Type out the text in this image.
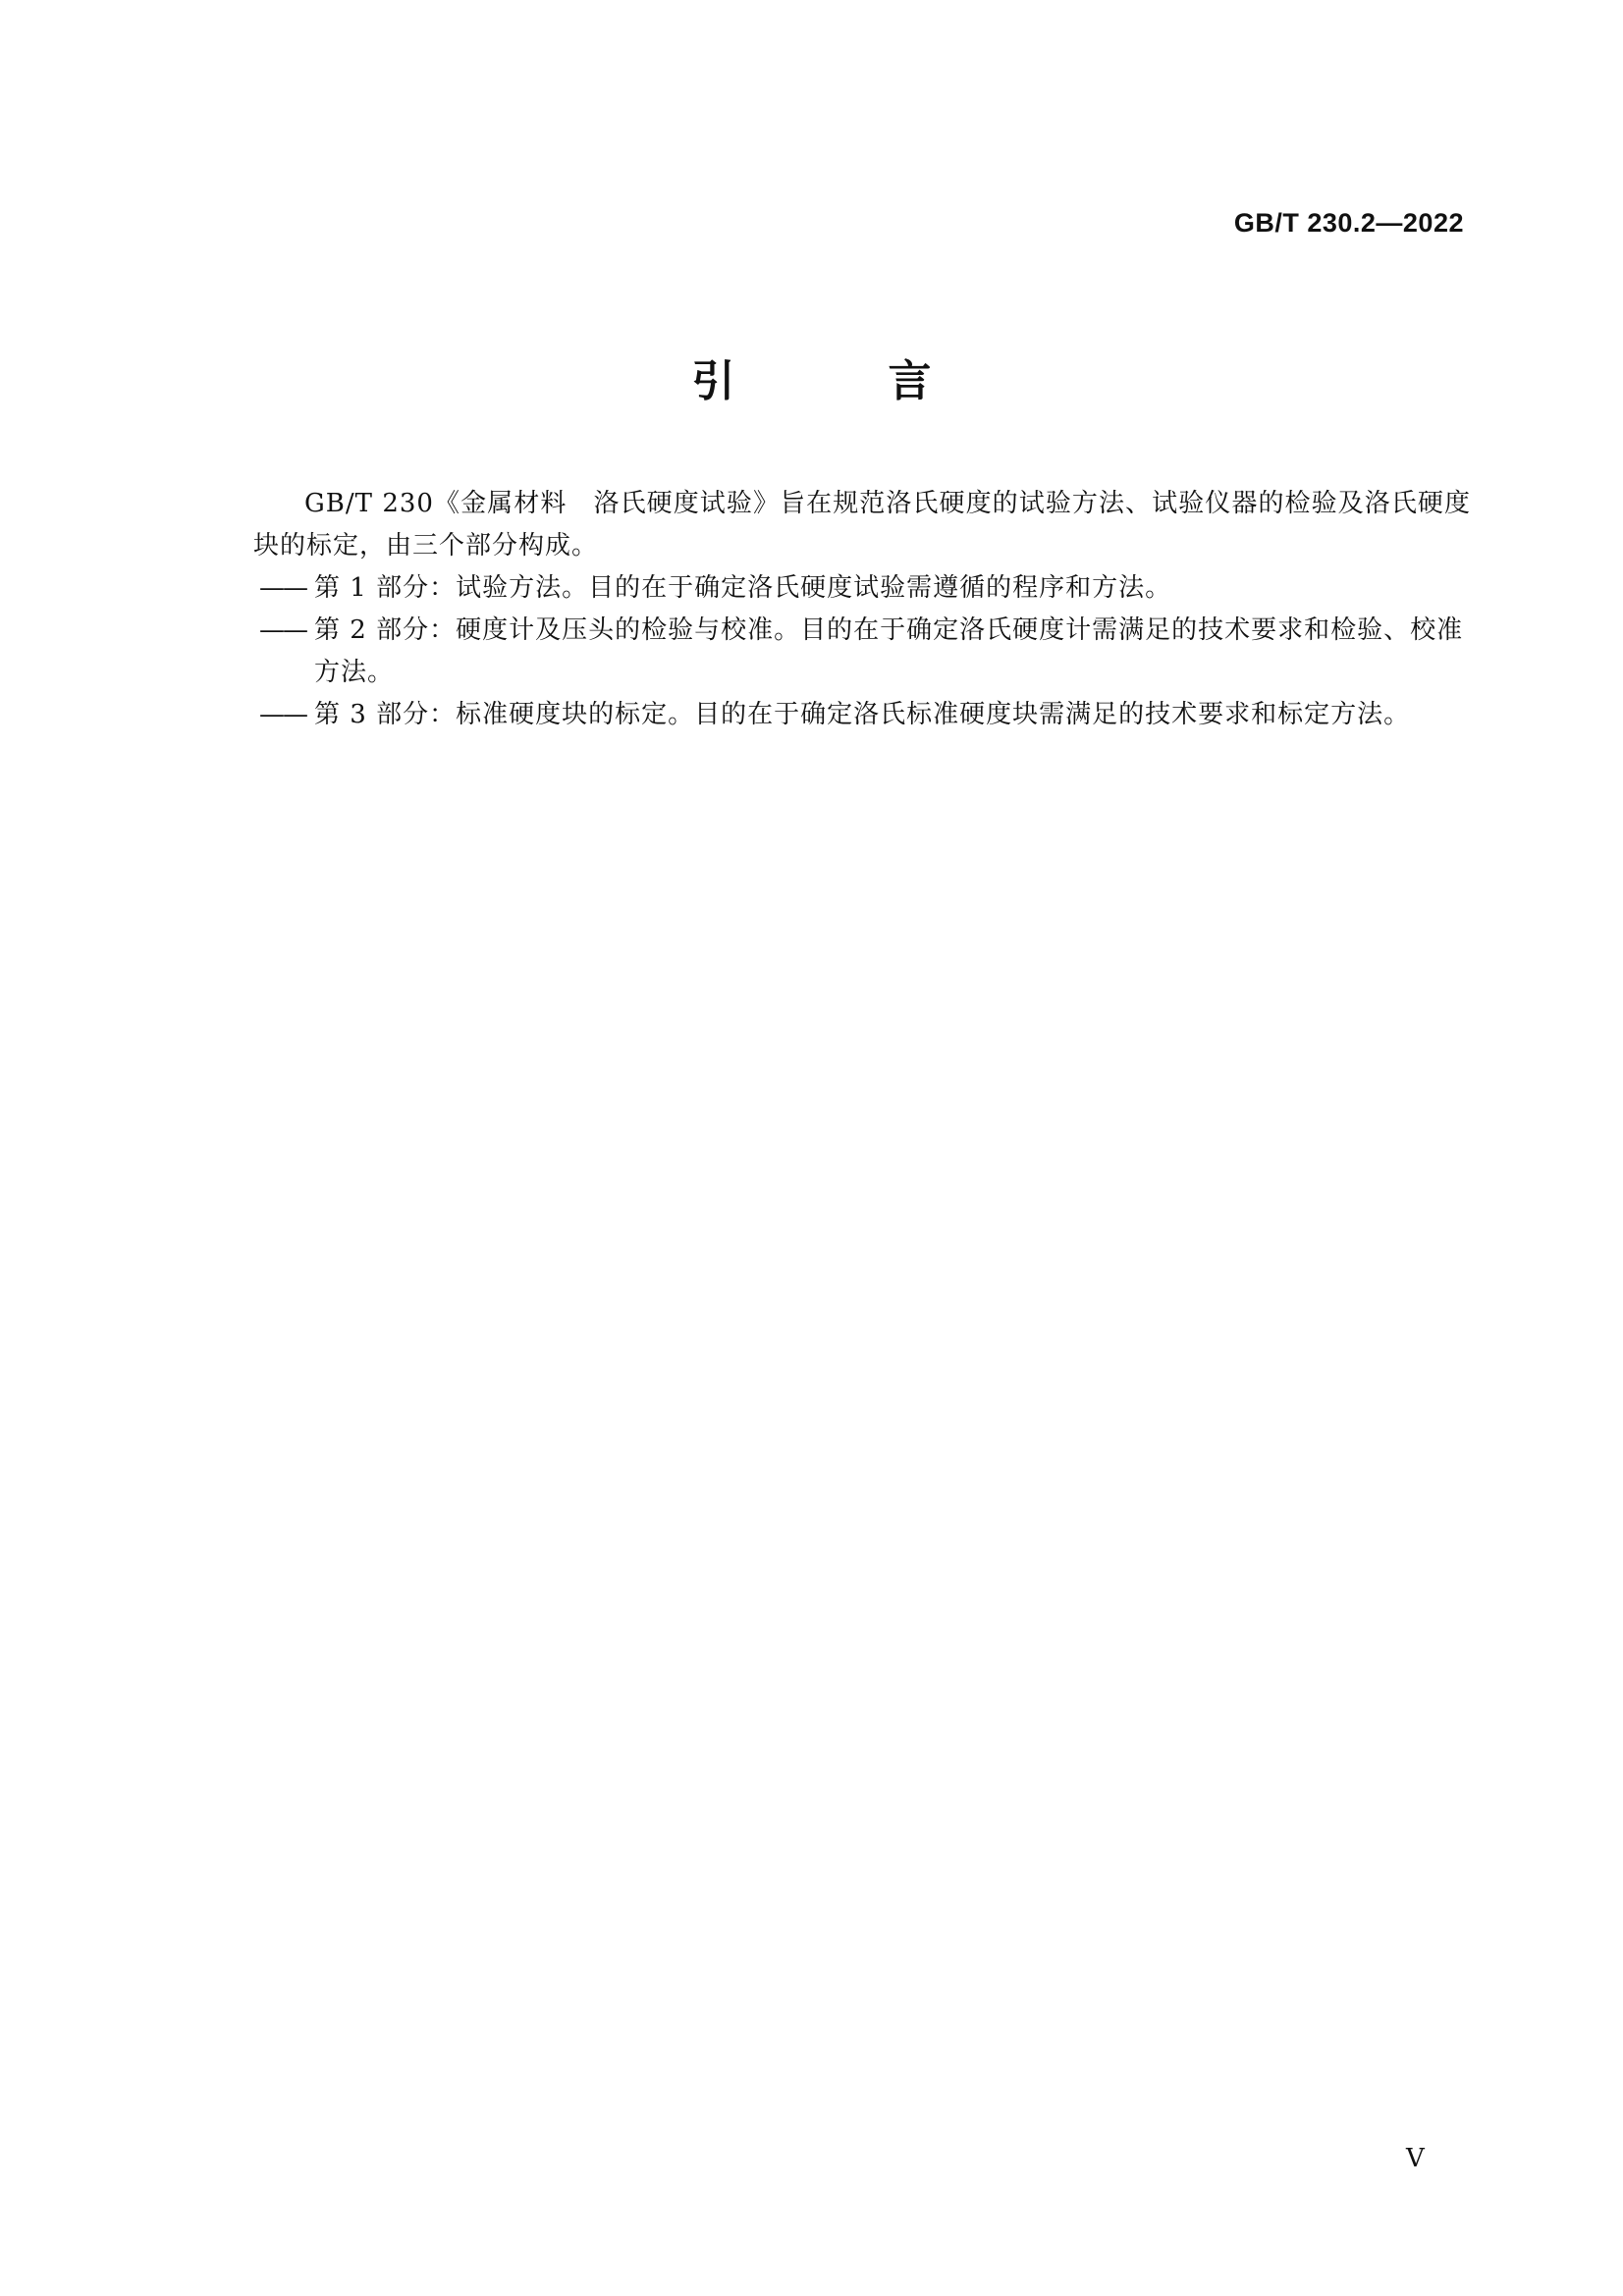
GB/T 230.2—2022
引	言

GB/T 230《金属材料　洛氏硬度试验》旨在规范洛氏硬度的试验方法、试验仪器的检验及洛氏硬度块的标定，由三个部分构成。

—— 第 1 部分：试验方法。目的在于确定洛氏硬度试验需遵循的程序和方法。

—— 第 2 部分：硬度计及压头的检验与校准。目的在于确定洛氏硬度计需满足的技术要求和检验、校准方法。

—— 第 3 部分：标准硬度块的标定。目的在于确定洛氏标准硬度块需满足的技术要求和标定方法。

V
